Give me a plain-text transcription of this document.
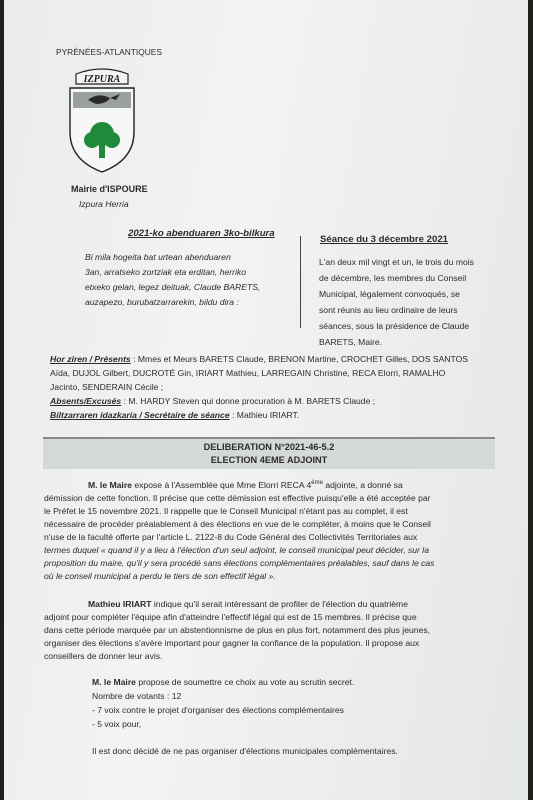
PYRÉNÉES-ATLANTIQUES
IZPURA
Mairie d'ISPOURE
Izpura Herria
2021-ko abenduaren 3ko-bilkura
Bi mila hogeita bat urtean abenduaren
3an, arratseko zortziak eta erditan, herriko
etxeko gelan, legez deituak, Claude BARETS,
auzapezo, burubatzarrarekin, bildu dira :
Séance du 3 décembre 2021
L'an deux mil vingt et un, le trois du mois
de décembre, les membres du Conseil
Municipal, légalement convoqués, se
sont réunis au lieu ordinaire de leurs
séances, sous la présidence de Claude
BARETS, Maire.
Hor ziren / Présents : Mmes et Meurs BARETS Claude, BRENON Martine, CROCHET Gilles, DOS SANTOS
Aïda, DUJOL Gilbert, DUCROTÉ Gin, IRIART Mathieu, LARREGAIN Christine, RECA Elorri, RAMALHO
Jacinto, SENDERAIN Cécile ;
Absents/Excusés : M. HARDY Steven qui donne procuration à M. BARETS Claude ;
Biltzarraren idazkaria / Secrétaire de séance : Mathieu IRIART.
DELIBERATION N°2021-46-5.2
ELECTION 4EME ADJOINT
M. le Maire expose à l'Assemblée que Mme Elorri RECA 4ème adjointe, a donné sa
démission de cette fonction. Il précise que cette démission est effective puisqu'elle a été acceptée par
le Préfet le 15 novembre 2021. Il rappelle que le Conseil Municipal n'étant pas au complet, il est
nécessaire de procéder préalablement à des élections en vue de le compléter, à moins que le Conseil
n'use de la faculté offerte par l'article L. 2122-8 du Code Général des Collectivités Territoriales aux
termes duquel « quand il y a lieu à l'élection d'un seul adjoint, le conseil municipal peut décider, sur la
proposition du maire, qu'il y sera procédé sans élections complémentaires préalables, sauf dans le cas
où le conseil municipal a perdu le tiers de son effectif légal ».
Mathieu IRIART indique qu'il serait intéressant de profiter de l'élection du quatrième
adjoint pour compléter l'équipe afin d'atteindre l'effectif légal qui est de 15 membres. Il précise que
dans cette période marquée par un abstentionnisme de plus en plus fort, notamment des plus jeunes,
organiser des élections s'avère important pour gagner la confiance de la population. Il propose aux
conseillers de donner leur avis.
M. le Maire propose de soumettre ce choix au vote au scrutin secret.
Nombre de votants : 12
- 7 voix contre le projet d'organiser des élections complémentaires
- 5 voix pour,
Il est donc décidé de ne pas organiser d'élections municipales complémentaires.
